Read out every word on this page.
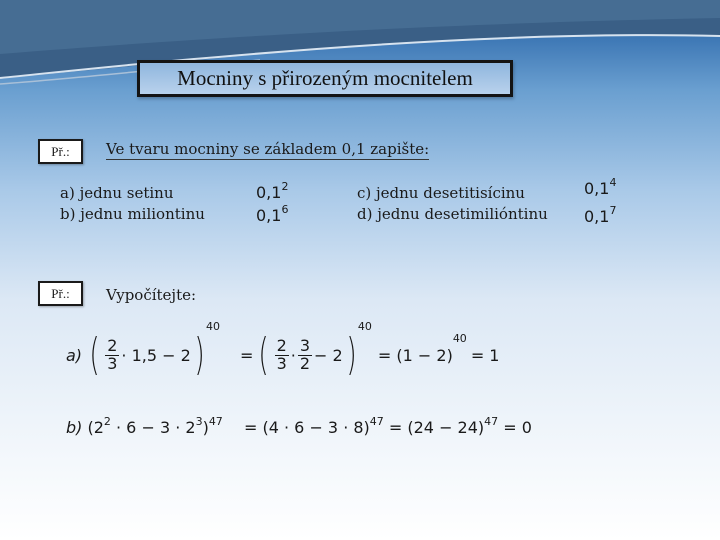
Mocniny s přirozeným mocnitelem
Př.:	Ve tvaru mocniny se základem 0,1 zapište:
a) jednu setinu
b) jednu miliontinu
$0,1^2$
$0,1^6$
c) jednu desetitisícinu
d) jednu desetimilióntinu
$0,1^4$
$0,1^7$
Př.:	Vypočítejte:
a) ( $\frac{2}{3} \cdot 1,5 - 2$ )
$^{40}$
= ( $\frac{2}{3} \cdot \frac{3}{2} - 2$ )
$^{40}$
= (1 − 2)
$^{40}$
= 1
b) $(2^2 \cdot 6 - 3 \cdot 2^3)^{47} = (4 \cdot 6 - 3 \cdot 8)^{47} = (24 - 24)^{47} = 0$
